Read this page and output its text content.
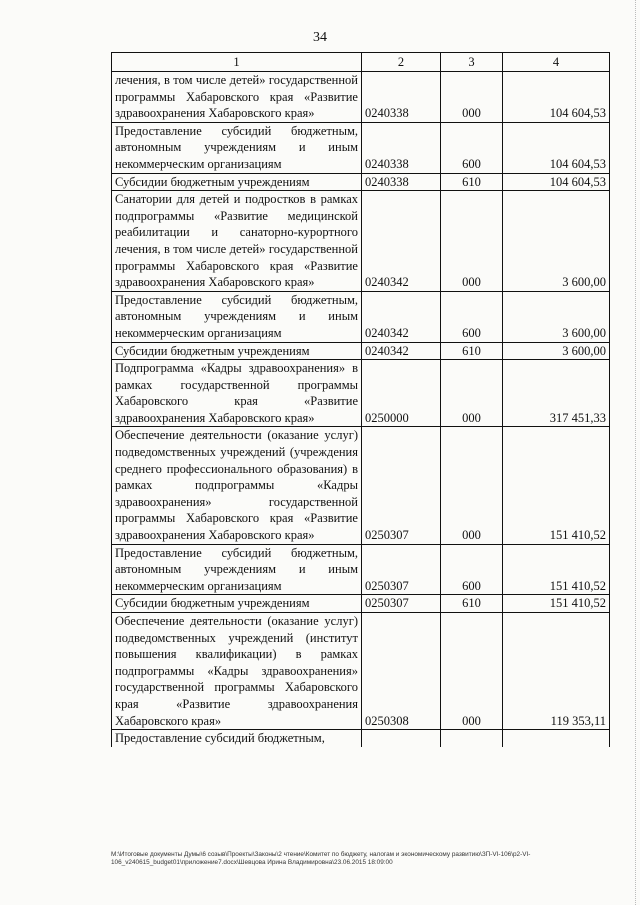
34
1	2	3	4
лечения, в том числе детей» государственной программы Хабаровского края «Развитие здравоохранения Хабаровского края»	0240338	000	104 604,53
Предоставление субсидий бюджетным, автономным учреждениям и иным некоммерческим организациям	0240338	600	104 604,53
Субсидии бюджетным учреждениям	0240338	610	104 604,53
Санатории для детей и подростков в рамках подпрограммы «Развитие медицинской реабилитации и санаторно-курортного лечения, в том числе детей» государственной программы Хабаровского края «Развитие здравоохранения Хабаровского края»	0240342	000	3 600,00
Предоставление субсидий бюджетным, автономным учреждениям и иным некоммерческим организациям	0240342	600	3 600,00
Субсидии бюджетным учреждениям	0240342	610	3 600,00
Подпрограмма «Кадры здравоохранения» в рамках государственной программы Хабаровского края «Развитие здравоохранения Хабаровского края»	0250000	000	317 451,33
Обеспечение деятельности (оказание услуг) подведомственных учреждений (учреждения среднего профессионального образования) в рамках подпрограммы «Кадры здравоохранения» государственной программы Хабаровского края «Развитие здравоохранения Хабаровского края»	0250307	000	151 410,52
Предоставление субсидий бюджетным, автономным учреждениям и иным некоммерческим организациям	0250307	600	151 410,52
Субсидии бюджетным учреждениям	0250307	610	151 410,52
Обеспечение деятельности (оказание услуг) подведомственных учреждений (институт повышения квалификации) в рамках подпрограммы «Кадры здравоохранения» государственной программы Хабаровского края «Развитие здравоохранения Хабаровского края»	0250308	000	119 353,11
Предоставление субсидий бюджетным,			
M:\Итоговые документы Думы\6 созыв\Проекты\Законы\2 чтение\Комитет по бюджету, налогам и экономическому развитию\ЗП-VI-106\р2-VI-106_v240615_budget01\приложение7.docx\Шевцова Ирина Владимировна\23.06.2015 18:09:00
